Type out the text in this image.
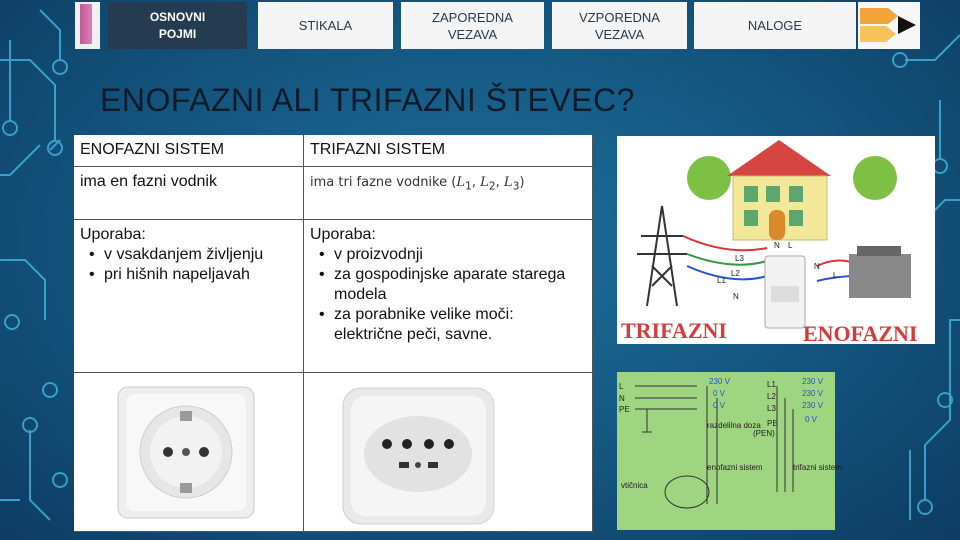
OSNOVNI
POJMI
STIKALA
ZAPOREDNA
VEZAVA
VZPOREDNA
VEZAVA
NALOGE
ENOFAZNI ALI TRIFAZNI ŠTEVEC?
ENOFAZNI SISTEM	TRIFAZNI SISTEM
ima en fazni vodnik	ima tri fazne vodnike ($L_1$, $L_2$, $L_3$)
Uporaba:
• v vsakdanjem življenju
• pri hišnih napeljavah
Uporaba:
• v proizvodnji
• za gospodinjske aparate starega modela
• za porabnike velike moči: električne peči, savne.
L3
L2
L1
N L
N
N
L
TRIFAZNI	ENOFAZNI
230 V
0 V
0 V
230 V
230 V
230 V
0 V
L
N
PE
L1
L2
L3
PE
(PEN)
razdelilna doza
vtičnica
enofazni sistem	trifazni sistem
